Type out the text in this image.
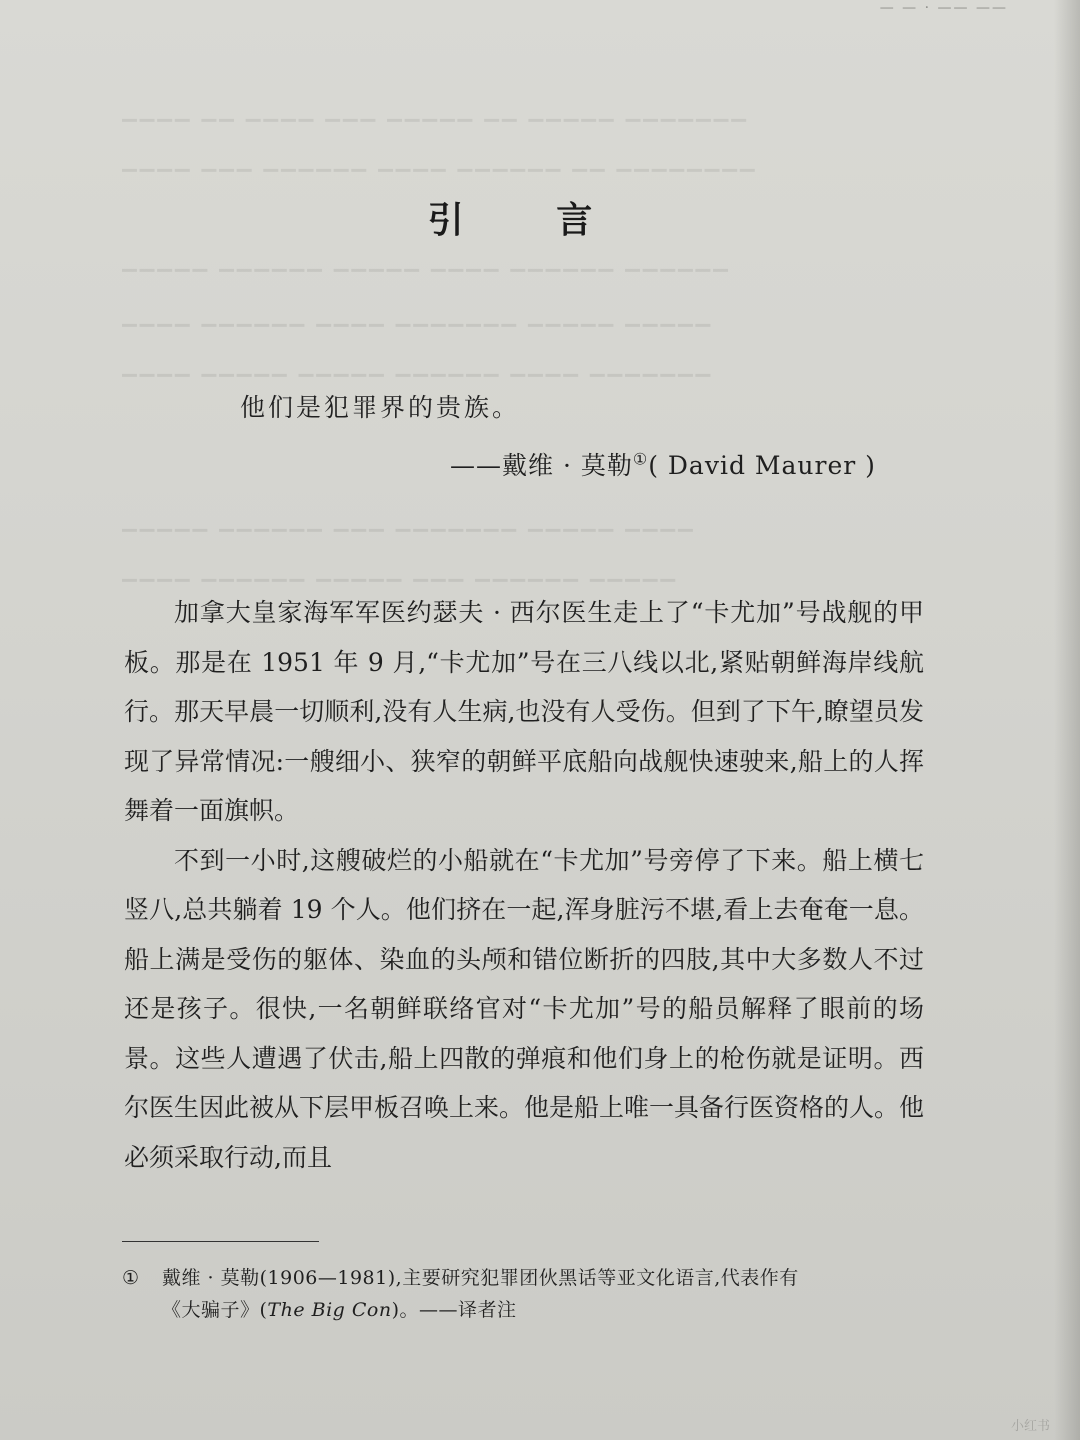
— — · —— ——
▁▁▁▁ ▁▁ ▁▁▁▁ ▁▁▁ ▁▁▁▁▁ ▁▁ ▁▁▁▁▁ ▁▁▁▁▁▁▁
▁▁▁▁ ▁▁▁ ▁▁▁▁▁▁ ▁▁▁▁ ▁▁▁▁▁▁ ▁▁ ▁▁▁▁▁▁▁▁
▁▁▁▁▁ ▁▁▁▁▁▁ ▁▁▁▁▁ ▁▁▁▁ ▁▁▁▁▁▁ ▁▁▁▁▁▁
▁▁▁▁ ▁▁▁▁▁▁ ▁▁▁▁ ▁▁▁▁▁▁▁ ▁▁▁▁▁ ▁▁▁▁▁
▁▁▁▁ ▁▁▁▁▁ ▁▁▁▁▁ ▁▁▁▁▁▁ ▁▁▁▁ ▁▁▁▁▁▁▁
▁▁▁▁▁ ▁▁▁▁▁▁ ▁▁▁ ▁▁▁▁▁▁▁ ▁▁▁▁▁ ▁▁▁▁
▁▁▁▁ ▁▁▁▁▁▁ ▁▁▁▁▁ ▁▁▁ ▁▁▁▁▁▁ ▁▁▁▁▁
引 言
他们是犯罪界的贵族。
——戴维 · 莫勒①( David Maurer )

加拿大皇家海军军医约瑟夫 · 西尔医生走上了“卡尤加”号战舰的甲板。那是在 1951 年 9 月,“卡尤加”号在三八线以北,紧贴朝鲜海岸线航行。那天早晨一切顺利,没有人生病,也没有人受伤。但到了下午,瞭望员发现了异常情况:一艘细小、狭窄的朝鲜平底船向战舰快速驶来,船上的人挥舞着一面旗帜。

不到一小时,这艘破烂的小船就在“卡尤加”号旁停了下来。船上横七竖八,总共躺着 19 个人。他们挤在一起,浑身脏污不堪,看上去奄奄一息。船上满是受伤的躯体、染血的头颅和错位断折的四肢,其中大多数人不过还是孩子。很快,一名朝鲜联络官对“卡尤加”号的船员解释了眼前的场景。这些人遭遇了伏击,船上四散的弹痕和他们身上的枪伤就是证明。西尔医生因此被从下层甲板召唤上来。他是船上唯一具备行医资格的人。他必须采取行动,而且

① 戴维 · 莫勒(1906—1981),主要研究犯罪团伙黑话等亚文化语言,代表作有
《大骗子》(The Big Con)。——译者注
小红书
